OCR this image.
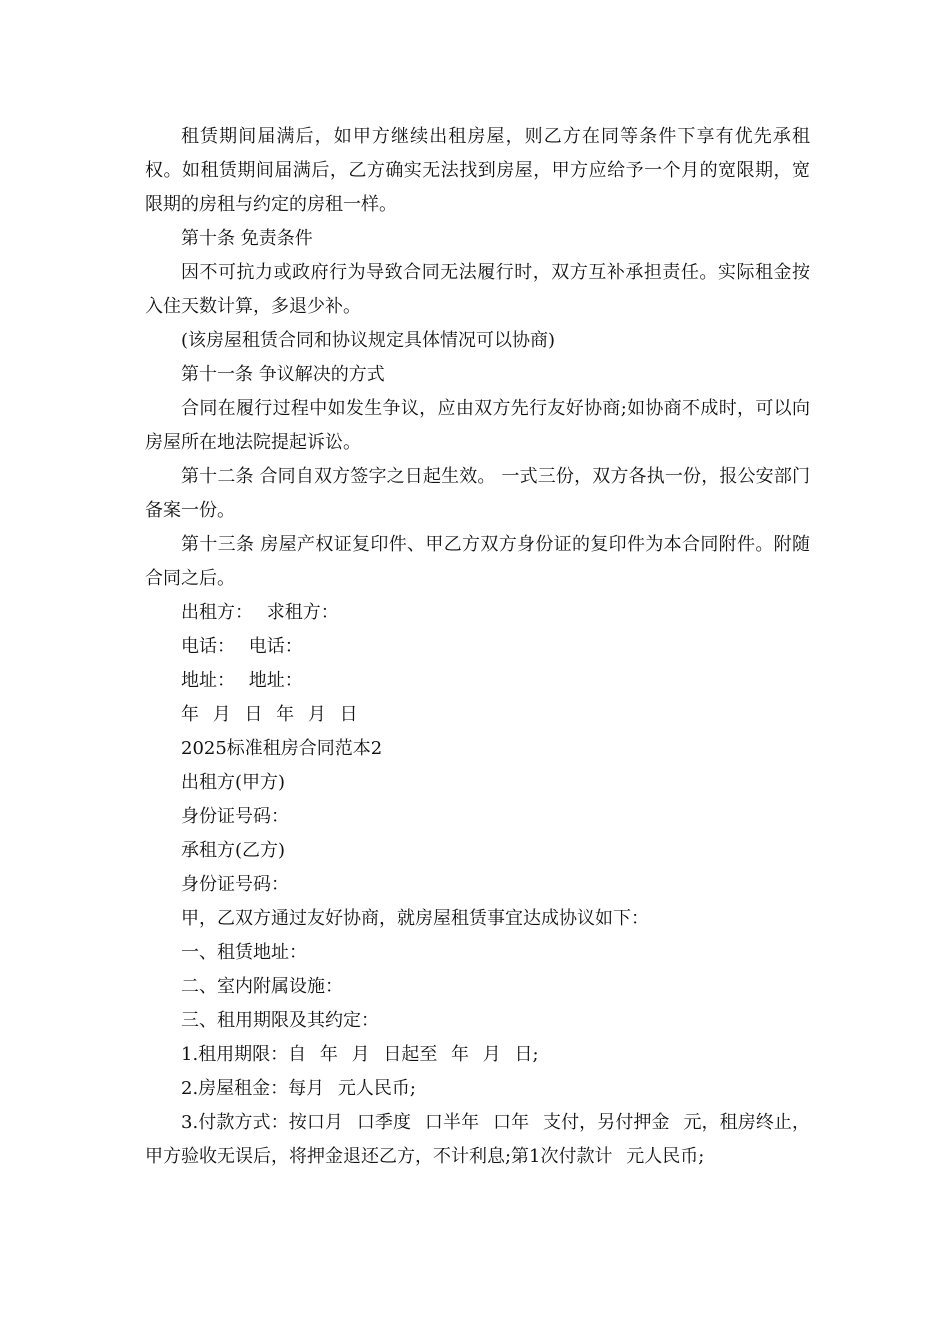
租赁期间届满后，如甲方继续出租房屋，则乙方在同等条件下享有优先承租权。如租赁期间届满后，乙方确实无法找到房屋，甲方应给予一个月的宽限期，宽限期的房租与约定的房租一样。

第十条 免责条件

因不可抗力或政府行为导致合同无法履行时，双方互补承担责任。实际租金按入住天数计算，多退少补。

(该房屋租赁合同和协议规定具体情况可以协商)

第十一条 争议解决的方式

合同在履行过程中如发生争议，应由双方先行友好协商;如协商不成时，可以向房屋所在地法院提起诉讼。

第十二条 合同自双方签字之日起生效。 一式三份，双方各执一份，报公安部门备案一份。

第十三条 房屋产权证复印件、甲乙方双方身份证的复印件为本合同附件。附随合同之后。

出租方： 求租方：

电话： 电话：

地址： 地址：

年 月 日 年 月 日

2025标准租房合同范本2

出租方(甲方)

身份证号码：

承租方(乙方)

身份证号码：

甲，乙双方通过友好协商，就房屋租赁事宜达成协议如下：

一、租赁地址：

二、室内附属设施：

三、租用期限及其约定：

1.租用期限：自 年 月 日起至 年 月 日;

2.房屋租金：每月 元人民币;

3.付款方式：按口月 口季度 口半年 口年 支付，另付押金 元，租房终止，甲方验收无误后，将押金退还乙方，不计利息;第1次付款计 元人民币;
